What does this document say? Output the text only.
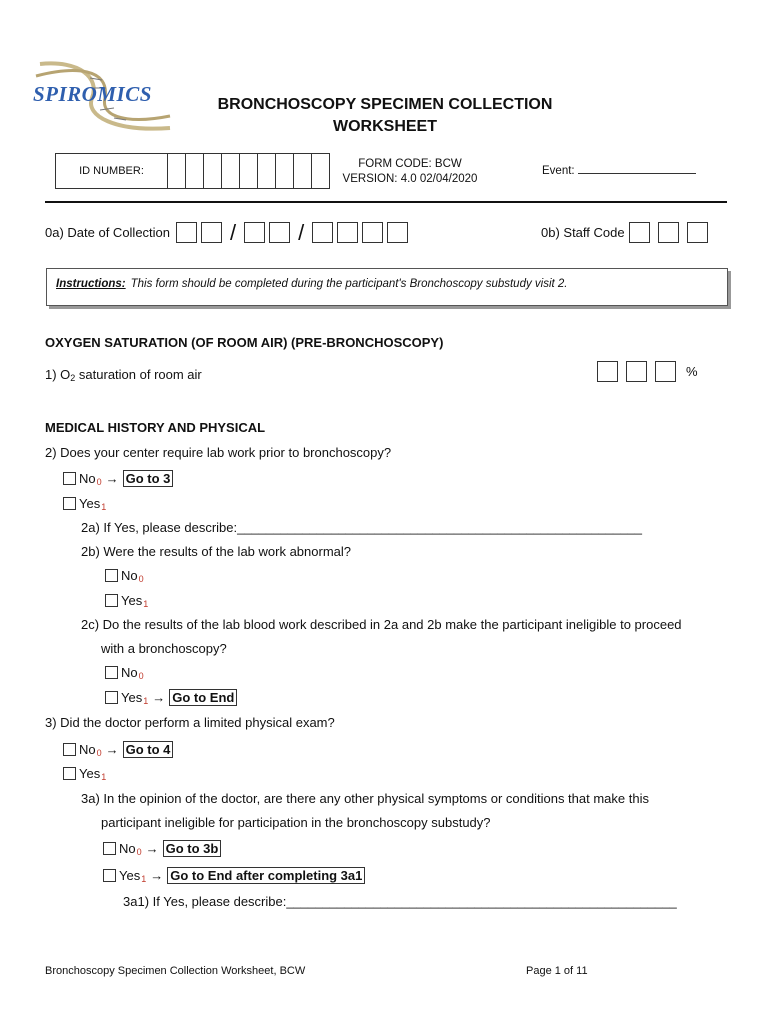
SPIROMICS	BRONCHOSCOPY SPECIMEN COLLECTION
WORKSHEET
ID NUMBER:
FORM CODE: BCW
VERSION: 4.0 02/04/2020
Event:
0a) Date of Collection	/	/	0b) Staff Code
Instructions: This form should be completed during the participant's Bronchoscopy substudy visit 2.
OXYGEN SATURATION (OF ROOM AIR) (PRE-BRONCHOSCOPY)
1) $O_2$ saturation of room air	%
MEDICAL HISTORY AND PHYSICAL
2) Does your center require lab work prior to bronchoscopy?
No0 → Go to 3
Yes1
2a) If Yes, please describe:________________________________________________________
2b) Were the results of the lab work abnormal?
No0
Yes1
2c) Do the results of the lab blood work described in 2a and 2b make the participant ineligible to proceed
with a bronchoscopy?
No0
Yes1 → Go to End
3) Did the doctor perform a limited physical exam?
No0 → Go to 4
Yes1
3a) In the opinion of the doctor, are there any other physical symptoms or conditions that make this
participant ineligible for participation in the bronchoscopy substudy?
No0 → Go to 3b
Yes1 → Go to End after completing 3a1
3a1) If Yes, please describe:______________________________________________________
Bronchoscopy Specimen Collection Worksheet, BCW	Page 1 of 11
